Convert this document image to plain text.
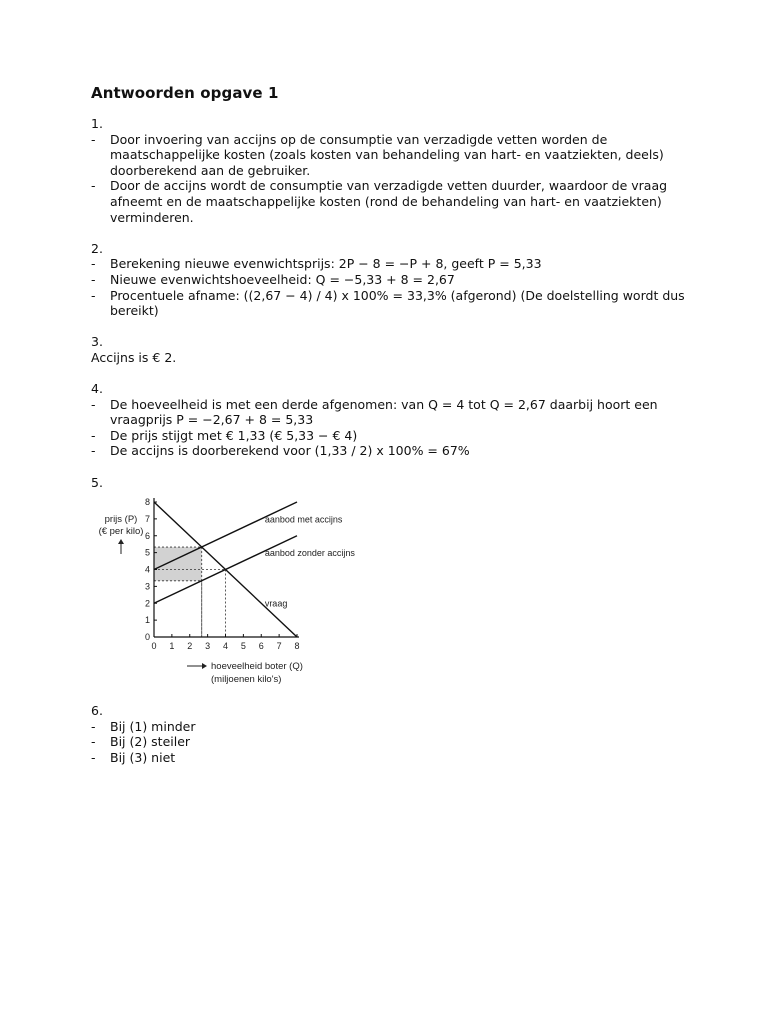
Antwoorden opgave 1

1.

- Door invoering van accijns op de consumptie van verzadigde vetten worden de maatschappelijke kosten (zoals kosten van behandeling van hart- en vaatziekten, deels) doorberekend aan de gebruiker.
- Door de accijns wordt de consumptie van verzadigde vetten duurder, waardoor de vraag afneemt en de maatschappelijke kosten (rond de behandeling van hart- en vaatziekten) verminderen.

2.

- Berekening nieuwe evenwichtsprijs: 2P − 8 = −P + 8, geeft P = 5,33
- Nieuwe evenwichtshoeveelheid: Q = −5,33 + 8 = 2,67
- Procentuele afname: ((2,67 − 4) / 4) x 100% = 33,3% (afgerond) (De doelstelling wordt dus bereikt)

3.

Accijns is € 2.

4.

- De hoeveelheid is met een derde afgenomen: van Q = 4 tot Q = 2,67 daarbij hoort een vraagprijs P = −2,67 + 8 = 5,33
- De prijs stijgt met € 1,33 (€ 5,33 − € 4)
- De accijns is doorberekend voor (1,33 / 2) x 100% = 67%

5.

prijs (P)
(€ per kilo)
hoeveelheid boter (Q)
(miljoenen kilo's)
0 1 2 3 4 5 6 7 8
0
1
2
3
4
5
6
7
8
aanbod met accijns
aanbod zonder accijns
vraag

6.

- Bij (1) minder
- Bij (2) steiler
- Bij (3) niet
